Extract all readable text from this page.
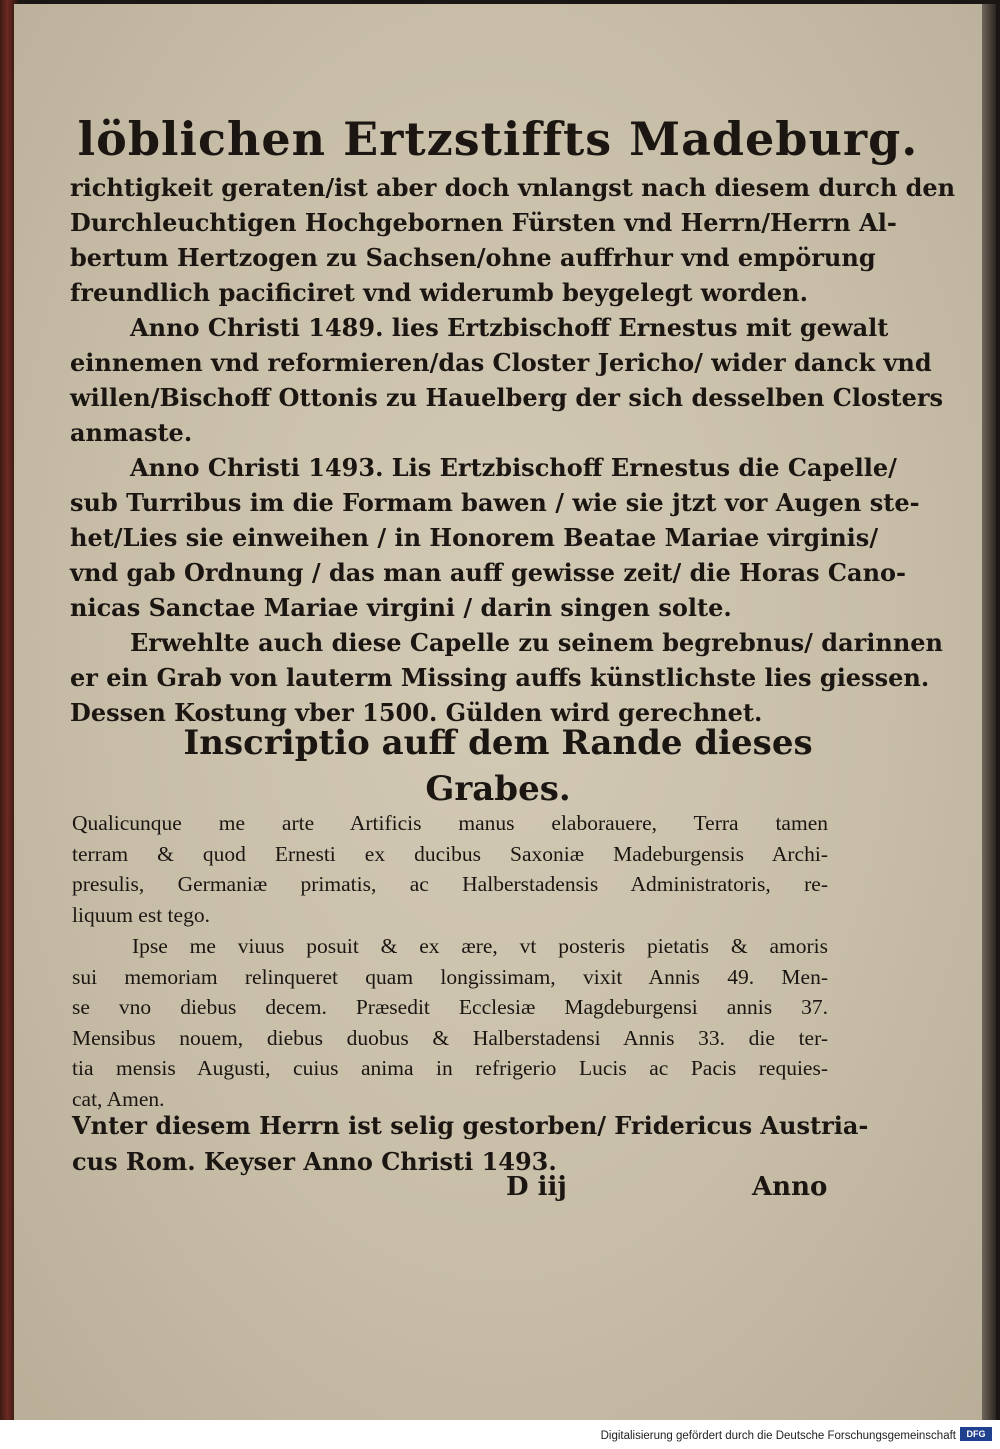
löblichen Ertzstiffts Madeburg.
richtigkeit geraten/ist aber doch vnlangst nach diesem durch den
Durchleuchtigen Hochgebornen Fürsten vnd Herrn/Herrn Al-
bertum Hertzogen zu Sachsen/ohne auffrhur vnd empörung
freundlich pacificiret vnd widerumb beygelegt worden.
Anno Christi 1489. lies Ertzbischoff Ernestus mit gewalt
einnemen vnd reformieren/das Closter Jericho/ wider danck vnd
willen/Bischoff Ottonis zu Hauelberg der sich desselben Closters
anmaste.
Anno Christi 1493. Lis Ertzbischoff Ernestus die Capelle/
sub Turribus im die Formam bawen / wie sie jtzt vor Augen ste-
het/Lies sie einweihen / in Honorem Beatae Mariae virginis/
vnd gab Ordnung / das man auff gewisse zeit/ die Horas Cano-
nicas Sanctae Mariae virgini / darin singen solte.
Erwehlte auch diese Capelle zu seinem begrebnus/ darinnen
er ein Grab von lauterm Missing auffs künstlichste lies giessen.
Dessen Kostung vber 1500. Gülden wird gerechnet.
Inscriptio auff dem Rande dieses
Grabes.
Qualicunque me arte Artificis manus elaborauere, Terra tamen
terram & quod Ernesti ex ducibus Saxoniæ Madeburgensis Archi-
presulis, Germaniæ primatis, ac Halberstadensis Administratoris, re-
liquum est tego.
Ipse me viuus posuit & ex ære, vt posteris pietatis & amoris
sui memoriam relinqueret quam longissimam, vixit Annis 49. Men-
se vno diebus decem. Præsedit Ecclesiæ Magdeburgensi annis 37.
Mensibus nouem, diebus duobus & Halberstadensi Annis 33. die ter-
tia mensis Augusti, cuius anima in refrigerio Lucis ac Pacis requies-
cat, Amen.
Vnter diesem Herrn ist selig gestorben/ Fridericus Austria-
cus Rom. Keyser Anno Christi 1493.
D iij	Anno
Digitalisierung gefördert durch die Deutsche Forschungsgemeinschaft	DFG
